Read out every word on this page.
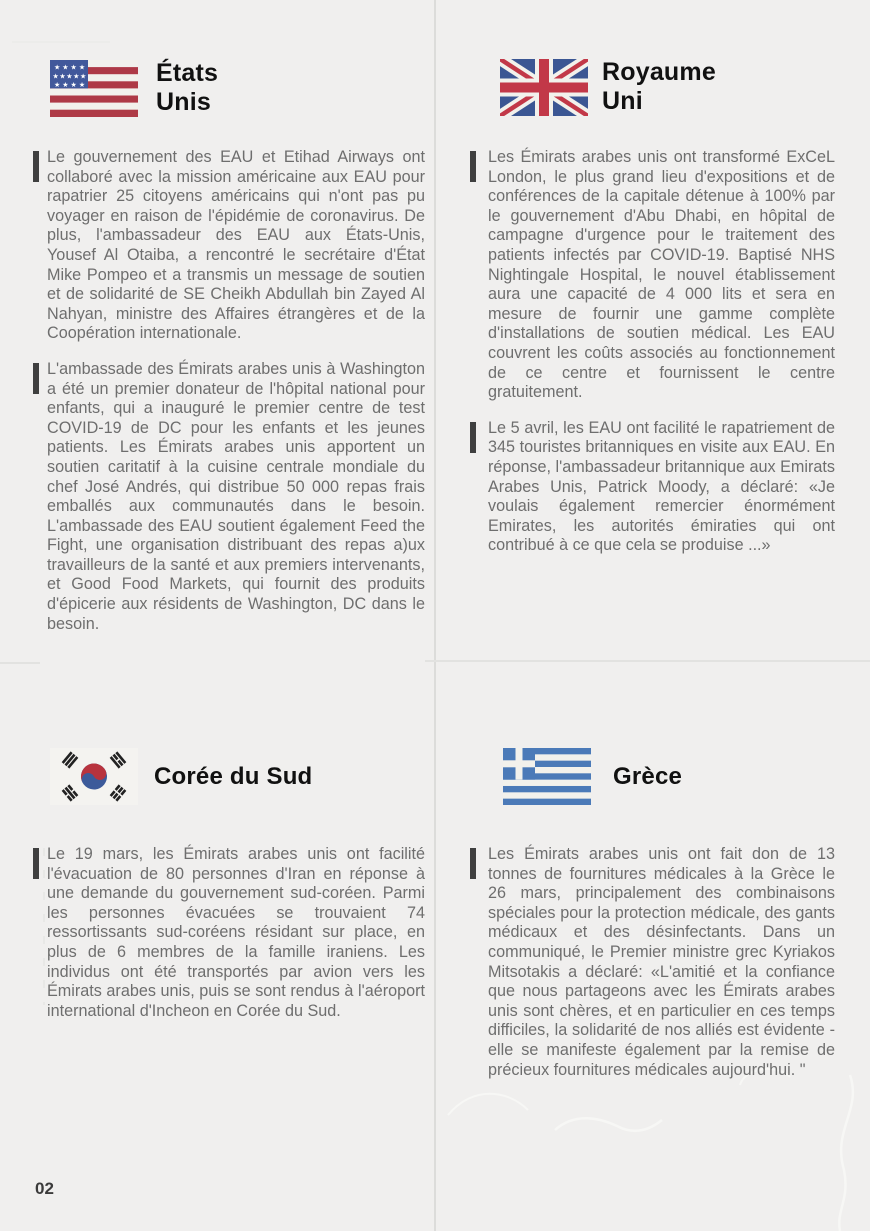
★★★★
★★★★★
★★★★	États Unis

Le gouvernement des EAU et Etihad Airways ont collaboré avec la mission américaine aux EAU pour rapatrier 25 citoyens américains qui n'ont pas pu voyager en raison de l'épidémie de coronavirus. De plus, l'ambassadeur des EAU aux États-Unis, Yousef Al Otaiba, a rencontré le secrétaire d'État Mike Pompeo et a transmis un message de soutien et de solidarité de SE Cheikh Abdullah bin Zayed Al Nahyan, ministre des Affaires étrangères et de la Coopération internationale.

L'ambassade des Émirats arabes unis à Washington a été un premier donateur de l'hôpital national pour enfants, qui a inauguré le premier centre de test COVID-19 de DC pour les enfants et les jeunes patients. Les Émirats arabes unis apportent un soutien caritatif à la cuisine centrale mondiale du chef José Andrés, qui distribue 50 000 repas frais emballés aux communautés dans le besoin. L'ambassade des EAU soutient également Feed the Fight, une organisation distribuant des repas a)ux travailleurs de la santé et aux premiers intervenants, et Good Food Markets, qui fournit des produits d'épicerie aux résidents de Washington, DC dans le besoin.

Royaume Uni

Les Émirats arabes unis ont transformé ExCeL London, le plus grand lieu d'expositions et de conférences de la capitale détenue à 100% par le gouvernement d'Abu Dhabi, en hôpital de campagne d'urgence pour le traitement des patients infectés par COVID-19. Baptisé NHS Nightingale Hospital, le nouvel établissement aura une capacité de 4 000 lits et sera en mesure de fournir une gamme complète d'installations de soutien médical. Les EAU couvrent les coûts associés au fonctionnement de ce centre et fournissent le centre gratuitement.

Le 5 avril, les EAU ont facilité le rapatriement de 345 touristes britanniques en visite aux EAU. En réponse, l'ambassadeur britannique aux Emirats Arabes Unis, Patrick Moody, a déclaré: «Je voulais également remercier énormément Emirates, les autorités émiraties qui ont contribué à ce que cela se produise ...»

Corée du Sud

Le 19 mars, les Émirats arabes unis ont facilité l'évacuation de 80 personnes d'Iran en réponse à une demande du gouvernement sud-coréen. Parmi les personnes évacuées se trouvaient 74 ressortissants sud-coréens résidant sur place, en plus de 6 membres de la famille iraniens. Les individus ont été transportés par avion vers les Émirats arabes unis, puis se sont rendus à l'aéroport international d'Incheon en Corée du Sud.

Grèce

Les Émirats arabes unis ont fait don de 13 tonnes de fournitures médicales à la Grèce le 26 mars, principalement des combinaisons spéciales pour la protection médicale, des gants médicaux et des désinfectants. Dans un communiqué, le Premier ministre grec Kyriakos Mitsotakis a déclaré: «L'amitié et la confiance que nous partageons avec les Émirats arabes unis sont chères, et en particulier en ces temps difficiles, la solidarité de nos alliés est évidente - elle se manifeste également par la remise de précieux fournitures médicales aujourd'hui. "

02
